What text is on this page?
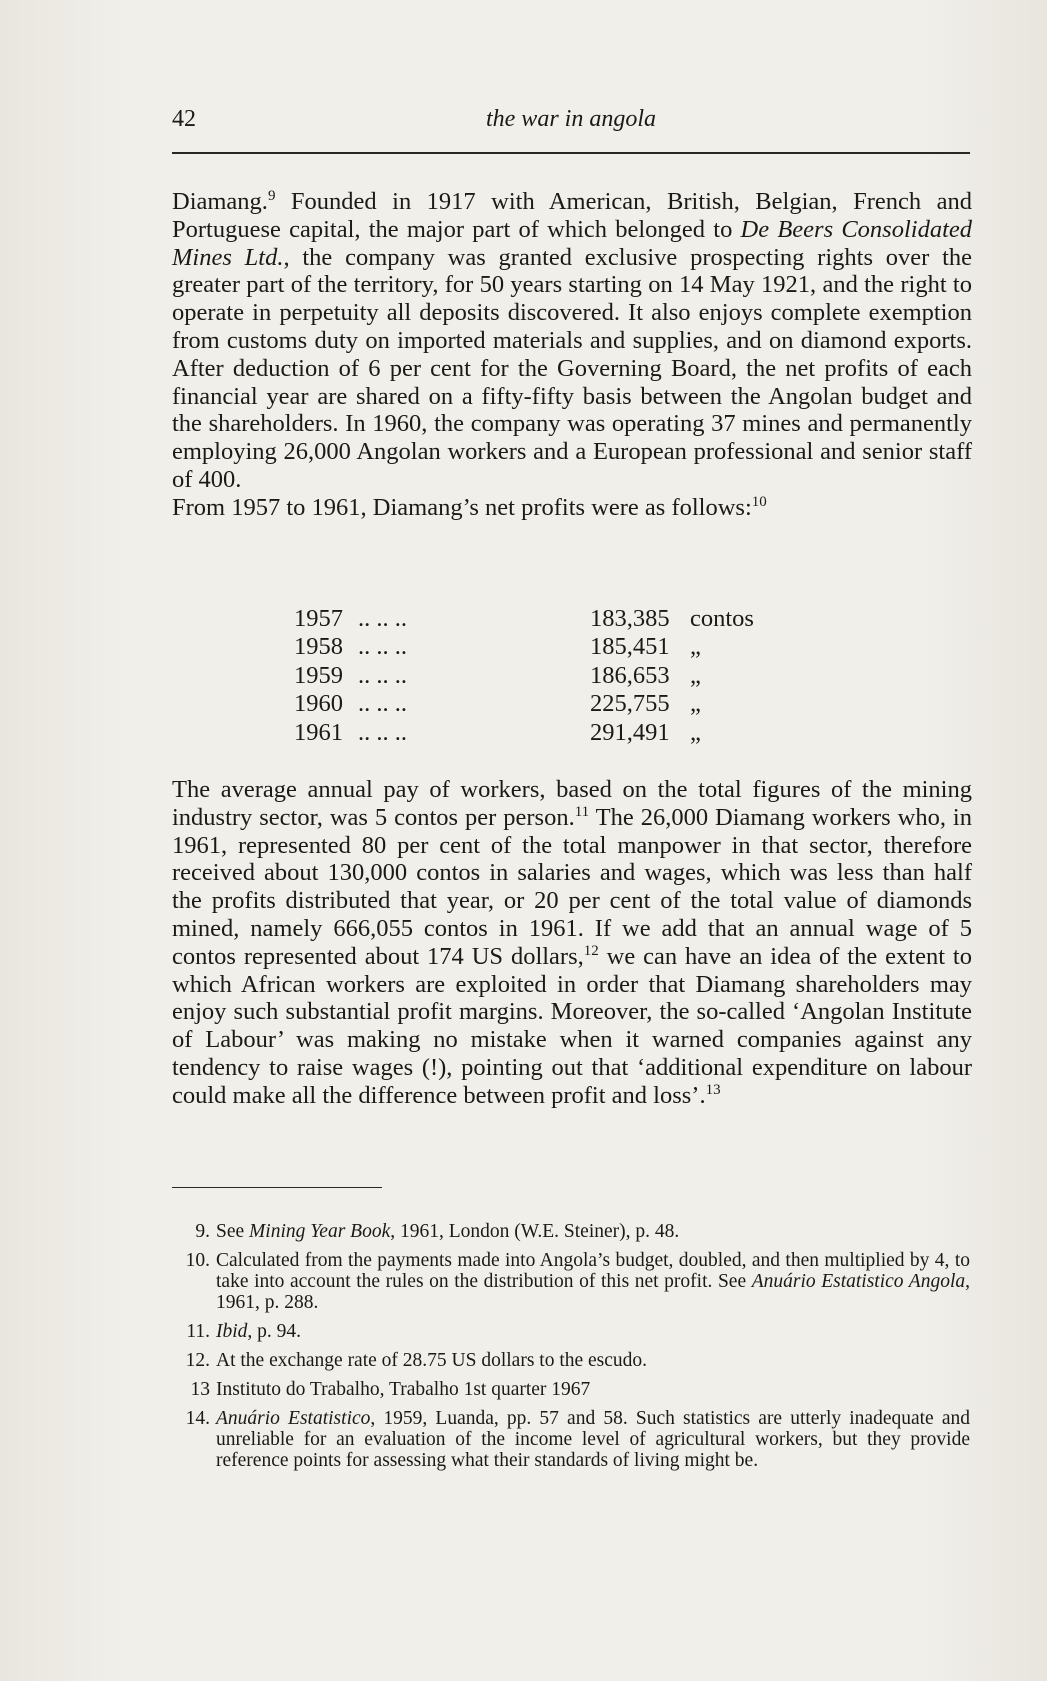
42	the war in angola

Diamang.$^9$ Founded in 1917 with American, British, Belgian, French and Portuguese capital, the major part of which belonged to De Beers Consolidated Mines Ltd., the company was granted exclusive prospecting rights over the greater part of the territory, for 50 years starting on 14 May 1921, and the right to operate in perpetuity all deposits discovered. It also enjoys complete exemption from customs duty on imported materials and supplies, and on diamond exports. After deduction of 6 per cent for the Governing Board, the net profits of each financial year are shared on a fifty-fifty basis between the Angolan budget and the shareholders. In 1960, the company was operating 37 mines and permanently employing 26,000 Angolan workers and a European professional and senior staff of 400.

From 1957 to 1961, Diamang’s net profits were as follows:$^{10}$

1957 .. .. ..	183,385 contos
1958 .. .. ..	185,451 „
1959 .. .. ..	186,653 „
1960 .. .. ..	225,755 „
1961 .. .. ..	291,491 „
The average annual pay of workers, based on the total figures of the mining industry sector, was 5 contos per person.$^{11}$ The 26,000 Diamang workers who, in 1961, represented 80 per cent of the total manpower in that sector, therefore received about 130,000 contos in salaries and wages, which was less than half the profits distributed that year, or 20 per cent of the total value of diamonds mined, namely 666,055 contos in 1961. If we add that an annual wage of 5 contos represented about 174 US dollars,$^{12}$ we can have an idea of the extent to which African workers are exploited in order that Diamang shareholders may enjoy such substantial profit margins. Moreover, the so-called ‘Angolan Institute of Labour’ was making no mistake when it warned companies against any tendency to raise wages (!), pointing out that ‘additional expenditure on labour could make all the difference between profit and loss’.$^{13}$
9. See Mining Year Book, 1961, London (W.E. Steiner), p. 48.
10. Calculated from the payments made into Angola’s budget, doubled, and then multiplied by 4, to take into account the rules on the distribution of this net profit. See Anuário Estatistico Angola, 1961, p. 288.
11. Ibid, p. 94.
12. At the exchange rate of 28.75 US dollars to the escudo.
13 Instituto do Trabalho, Trabalho 1st quarter 1967
14. Anuário Estatistico, 1959, Luanda, pp. 57 and 58. Such statistics are utterly inadequate and unreliable for an evaluation of the income level of agricultural workers, but they provide reference points for assessing what their standards of living might be.
